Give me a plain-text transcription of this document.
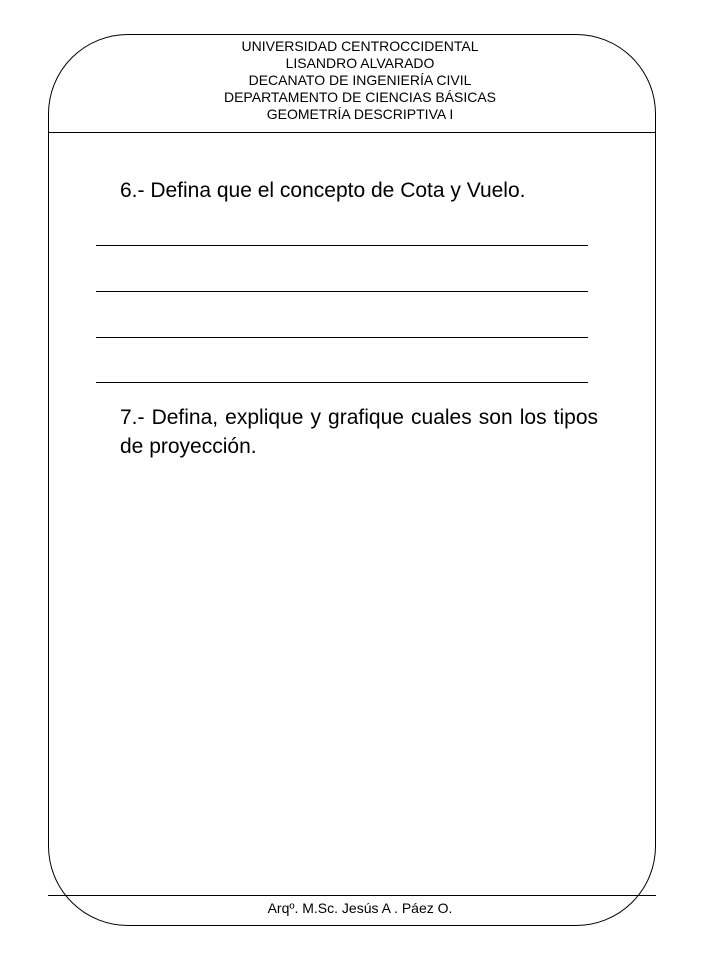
UNIVERSIDAD CENTROCCIDENTAL
LISANDRO ALVARADO
DECANATO DE INGENIERÍA CIVIL
DEPARTAMENTO DE CIENCIAS BÁSICAS
GEOMETRÍA DESCRIPTIVA I
6.- Defina que el concepto de Cota y Vuelo.
7.- Defina, explique y grafique cuales son los tipos de proyección.
Arqº. M.Sc. Jesús A . Páez O.
